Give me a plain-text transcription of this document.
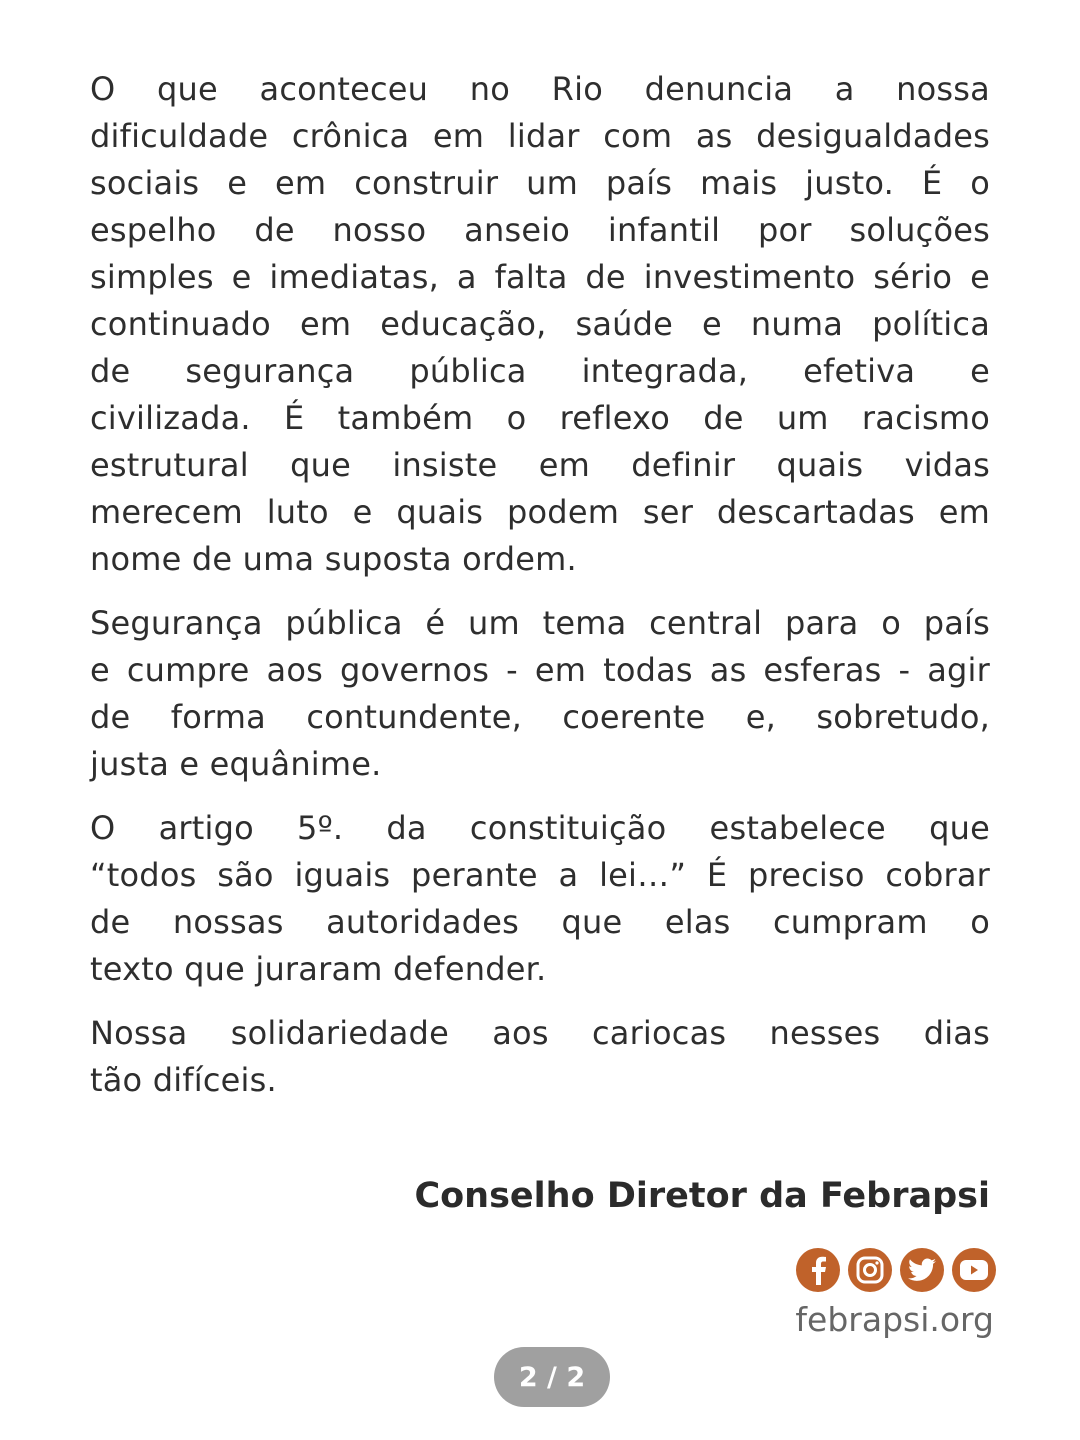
O que aconteceu no Rio denuncia a nossa
dificuldade crônica em lidar com as desigualdades
sociais e em construir um país mais justo. É o
espelho de nosso anseio infantil por soluções
simples e imediatas, a falta de investimento sério e
continuado em educação, saúde e numa política
de segurança pública integrada, efetiva e
civilizada. É também o reflexo de um racismo
estrutural que insiste em definir quais vidas
merecem luto e quais podem ser descartadas em
nome de uma suposta ordem.
Segurança pública é um tema central para o país
e cumpre aos governos - em todas as esferas - agir
de forma contundente, coerente e, sobretudo,
justa e equânime.
O artigo 5º. da constituição estabelece que
“todos são iguais perante a lei…” É preciso cobrar
de nossas autoridades que elas cumpram o
texto que juraram defender.
Nossa solidariedade aos cariocas nesses dias
tão difíceis.
Conselho Diretor da Febrapsi
febrapsi.org
2 / 2
